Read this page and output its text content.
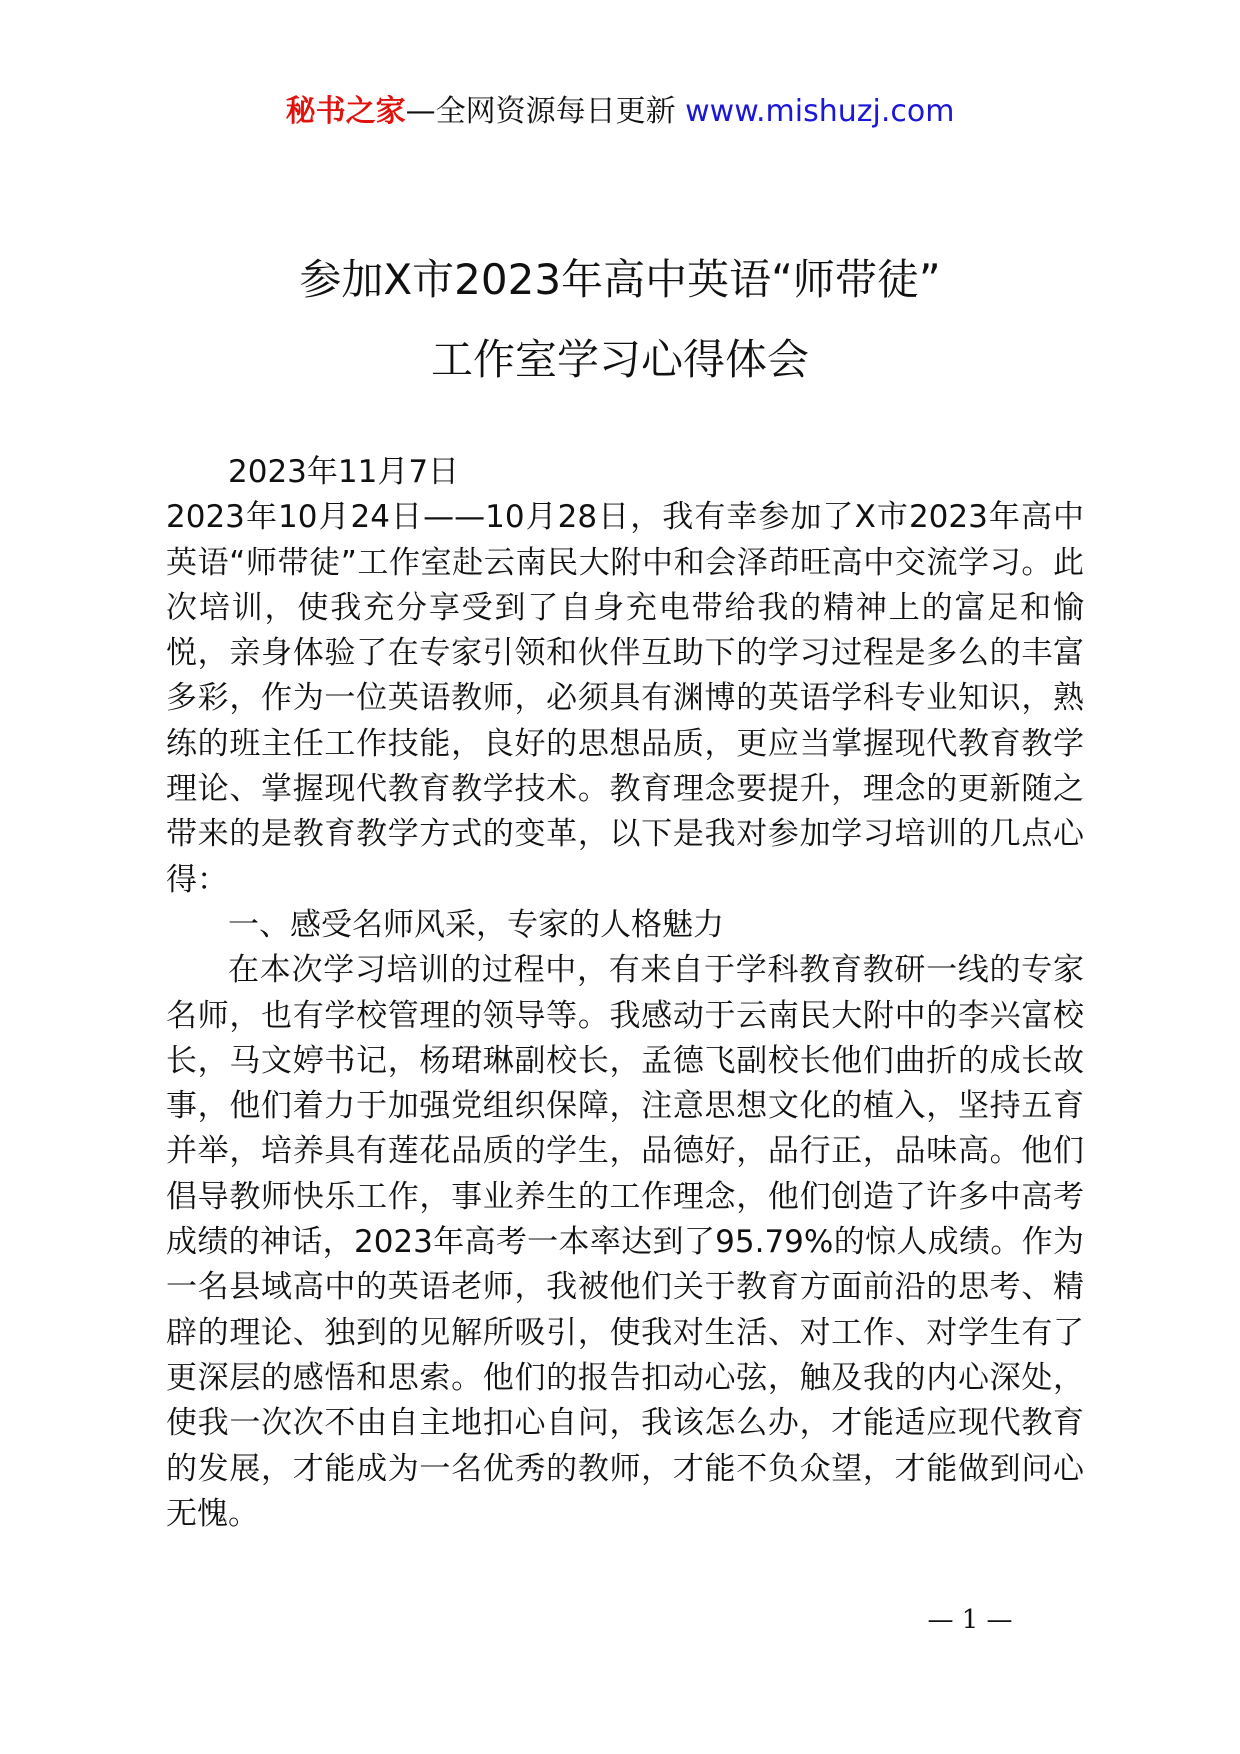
秘书之家—全网资源每日更新 www.mishuzj.com
参加X市2023年高中英语“师带徒”
工作室学习心得体会

2023年11月7日

2023年10月24日——10月28日，我有幸参加了X市2023年高中英语“师带徒”工作室赴云南民大附中和会泽茚旺高中交流学习。此次培训，使我充分享受到了自身充电带给我的精神上的富足和愉悦，亲身体验了在专家引领和伙伴互助下的学习过程是多么的丰富多彩，作为一位英语教师，必须具有渊博的英语学科专业知识，熟练的班主任工作技能，良好的思想品质，更应当掌握现代教育教学理论、掌握现代教育教学技术。教育理念要提升，理念的更新随之带来的是教育教学方式的变革，以下是我对参加学习培训的几点心得：

一、感受名师风采，专家的人格魅力

在本次学习培训的过程中，有来自于学科教育教研一线的专家名师，也有学校管理的领导等。我感动于云南民大附中的李兴富校长，马文婷书记，杨珺琳副校长，孟德飞副校长他们曲折的成长故事，他们着力于加强党组织保障，注意思想文化的植入，坚持五育并举，培养具有莲花品质的学生，品德好，品行正，品味高。他们倡导教师快乐工作，事业养生的工作理念，他们创造了许多中高考成绩的神话，2023年高考一本率达到了95.79%的惊人成绩。作为一名县域高中的英语老师，我被他们关于教育方面前沿的思考、精辟的理论、独到的见解所吸引，使我对生活、对工作、对学生有了更深层的感悟和思索。他们的报告扣动心弦，触及我的内心深处，使我一次次不由自主地扣心自问，我该怎么办，才能适应现代教育的发展，才能成为一名优秀的教师，才能不负众望，才能做到问心无愧。

— 1 —
